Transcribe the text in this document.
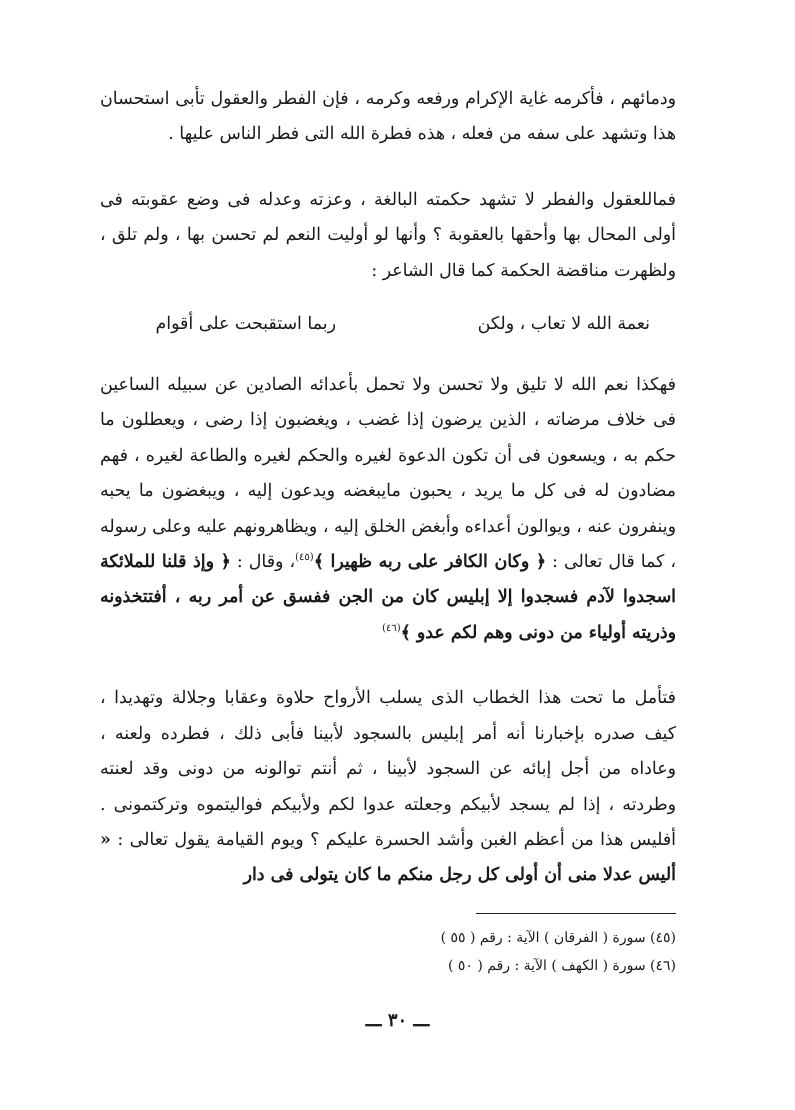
ودمائهم ، فأكرمه غاية الإكرام ورفعه وكرمه ، فإن الفطر والعقول تأبى استحسان هذا وتشهد على سفه من فعله ، هذه فطرة الله التى فطر الناس عليها .

فماللعقول والفطر لا تشهد حكمته البالغة ، وعزته وعدله فى وضع عقوبته فى أولى المحال بها وأحقها بالعقوبة ؟ وأنها لو أوليت النعم لم تحسن بها ، ولم تلق ، ولظهرت مناقضة الحكمة كما قال الشاعر :

نعمة الله لا تعاب ، ولكن
ربما استقبحت على أقوام

فهكذا نعم الله لا تليق ولا تحسن ولا تحمل بأعدائه الصادين عن سبيله الساعين فى خلاف مرضاته ، الذين يرضون إذا غضب ، ويغضبون إذا رضى ، ويعطلون ما حكم به ، ويسعون فى أن تكون الدعوة لغيره والحكم لغيره والطاعة لغيره ، فهم مضادون له فى كل ما يريد ، يحبون مايبغضه ويدعون إليه ، ويبغضون ما يحبه وينفرون عنه ، ويوالون أعداءه وأبغض الخلق إليه ، ويظاهرونهم عليه وعلى رسوله ، كما قال تعالى : ﴿ وكان الكافر على ربه ظهيرا ﴾$^{(٤٥)}$، وقال : ﴿ وإذ قلنا للملائكة اسجدوا لآدم فسجدوا إلا إبليس كان من الجن ففسق عن أمر ربه ، أفتتخذونه وذريته أولياء من دونى وهم لكم عدو ﴾$^{(٤٦)}$

فتأمل ما تحت هذا الخطاب الذى يسلب الأرواح حلاوة وعقابا وجلالة وتهديدا ، كيف صدره بإخبارنا أنه أمر إبليس بالسجود لأبينا فأبى ذلك ، فطرده ولعنه ، وعاداه من أجل إبائه عن السجود لأبينا ، ثم أنتم توالونه من دونى وقد لعنته وطردته ، إذا لم يسجد لأبيكم وجعلته عدوا لكم ولأبيكم فواليتموه وتركتمونى . أفليس هذا من أعظم الغبن وأشد الحسرة عليكم ؟ ويوم القيامة يقول تعالى : « أليس عدلا منى أن أولى كل رجل منكم ما كان يتولى فى دار

(٤٥) سورة ( الفرقان ) الآية : رقم ( ٥٥ )

(٤٦) سورة ( الكهف ) الآية : رقم ( ٥٠ )

ـــ ٣٠ ـــ
